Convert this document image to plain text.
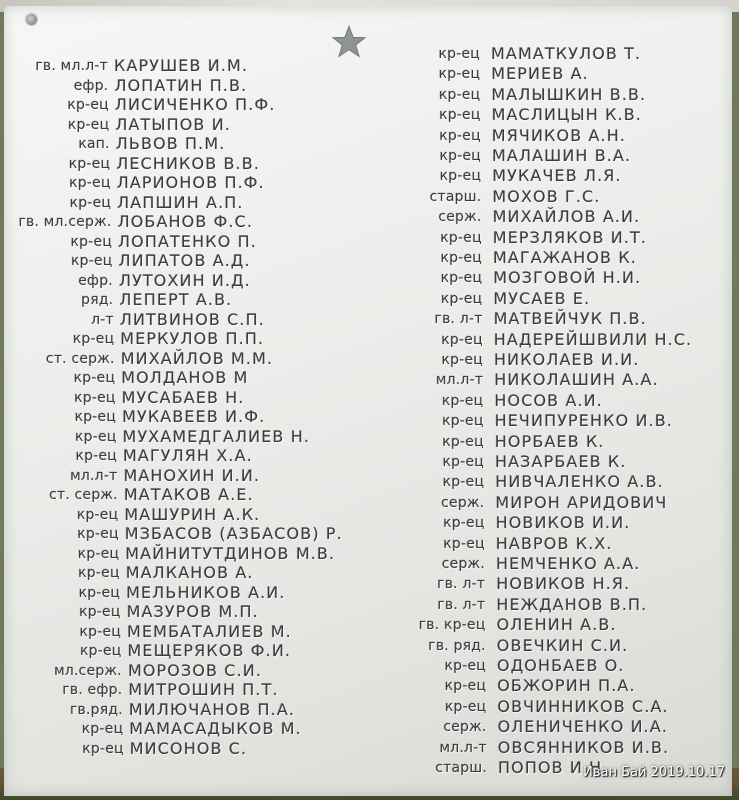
гв. мл.л-т КАРУШЕВ И.М.
ефр. ЛОПАТИН П.В.
кр-ец ЛИСИЧЕНКО П.Ф.
кр-ец ЛАТЫПОВ И.
кап. ЛЬВОВ П.М.
кр-ец ЛЕСНИКОВ В.В.
кр-ец ЛАРИОНОВ П.Ф.
кр-ец ЛАПШИН А.П.
гв. мл.серж. ЛОБАНОВ Ф.С.
кр-ец ЛОПАТЕНКО П.
кр-ец ЛИПАТОВ А.Д.
ефр. ЛУТОХИН И.Д.
ряд. ЛЕПЕРТ А.В.
л-т ЛИТВИНОВ С.П.
кр-ец МЕРКУЛОВ П.П.
ст. серж. МИХАЙЛОВ М.М.
кр-ец МОЛДАНОВ М
кр-ец МУСАБАЕВ Н.
кр-ец МУКАВЕЕВ И.Ф.
кр-ец МУХАМЕДГАЛИЕВ Н.
кр-ец МАГУЛЯН Х.А.
мл.л-т МАНОХИН И.И.
ст. серж. МАТАКОВ А.Е.
кр-ец МАШУРИН А.К.
кр-ец МЗБАСОВ (АЗБАСОВ) Р.
кр-ец МАЙНИТУТДИНОВ М.В.
кр-ец МАЛКАНОВ А.
кр-ец МЕЛЬНИКОВ А.И.
кр-ец МАЗУРОВ М.П.
кр-ец МЕМБАТАЛИЕВ М.
кр-ец МЕЩЕРЯКОВ Ф.И.
мл.серж. МОРОЗОВ С.И.
гв. ефр. МИТРОШИН П.Т.
гв.ряд. МИЛЮЧАНОВ П.А.
кр-ец МАМАСАДЫКОВ М.
кр-ец МИСОНОВ С.
кр-ец МАМАТКУЛОВ Т.
кр-ец МЕРИЕВ А.
кр-ец МАЛЫШКИН В.В.
кр-ец МАСЛИЦЫН К.В.
кр-ец МЯЧИКОВ А.Н.
кр-ец МАЛАШИН В.А.
кр-ец МУКАЧЕВ Л.Я.
старш. МОХОВ Г.С.
серж. МИХАЙЛОВ А.И.
кр-ец МЕРЗЛЯКОВ И.Т.
кр-ец МАГАЖАНОВ К.
кр-ец МОЗГОВОЙ Н.И.
кр-ец МУСАЕВ Е.
гв. л-т МАТВЕЙЧУК П.В.
кр-ец НАДЕРЕЙШВИЛИ Н.С.
кр-ец НИКОЛАЕВ И.И.
мл.л-т НИКОЛАШИН А.А.
кр-ец НОСОВ А.И.
кр-ец НЕЧИПУРЕНКО И.В.
кр-ец НОРБАЕВ К.
кр-ец НАЗАРБАЕВ К.
кр-ец НИВЧАЛЕНКО А.В.
серж. МИРОН АРИДОВИЧ
кр-ец НОВИКОВ И.И.
кр-ец НАВРОВ К.Х.
серж. НЕМЧЕНКО А.А.
гв. л-т НОВИКОВ Н.Я.
гв. л-т НЕЖДАНОВ В.П.
гв. кр-ец ОЛЕНИН А.В.
гв. ряд. ОВЕЧКИН С.И.
кр-ец ОДОНБАЕВ О.
кр-ец ОБЖОРИН П.А.
кр-ец ОВЧИННИКОВ С.А.
серж. ОЛЕНИЧЕНКО И.А.
мл.л-т ОВСЯННИКОВ И.В.
старш. ПОПОВ И.Н.
Иван Бай 2019.10.17
